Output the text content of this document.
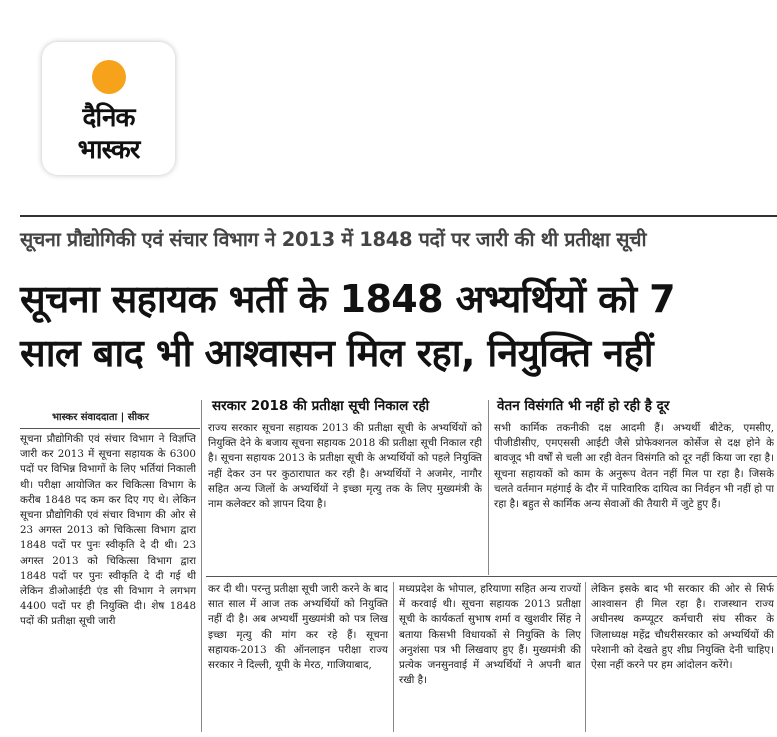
दैनिक
भास्कर
सूचना प्रौद्योगिकी एवं संचार विभाग ने 2013 में 1848 पदों पर जारी की थी प्रतीक्षा सूची
सूचना सहायक भर्ती के 1848 अभ्यर्थियों को 7
साल बाद भी आश्वासन मिल रहा, नियुक्ति नहीं
भास्कर संवाददाता | सीकर
सरकार 2018 की प्रतीक्षा सूची निकाल रही	वेतन विसंगति भी नहीं हो रही है दूर
सूचना प्रौद्योगिकी एवं संचार विभाग ने विज्ञप्ति जारी कर 2013 में सूचना सहायक के 6300 पदों पर विभिन्न विभागों के लिए भर्तियां निकाली थी। परीक्षा आयोजित कर चिकित्सा विभाग के करीब 1848 पद कम कर दिए गए थे। लेकिन सूचना प्रौद्योगिकी एवं संचार विभाग की ओर से 23 अगस्त 2013 को चिकित्सा विभाग द्वारा 1848 पदों पर पुनः स्वीकृति दे दी थी। 23 अगस्त 2013 को चिकित्सा विभाग द्वारा 1848 पदों पर पुनः स्वीकृति दे दी गई थी लेकिन डीओआईटी एंड सी विभाग ने लगभग 4400 पदों पर ही नियुक्ति दी। शेष 1848 पदों की प्रतीक्षा सूची जारी
राज्य सरकार सूचना सहायक 2013 की प्रतीक्षा सूची के अभ्यर्थियों को नियुक्ति देने के बजाय सूचना सहायक 2018 की प्रतीक्षा सूची निकाल रही है। सूचना सहायक 2013 के प्रतीक्षा सूची के अभ्यर्थियों को पहले नियुक्ति नहीं देकर उन पर कुठाराघात कर रही है। अभ्यर्थियों ने अजमेर, नागौर सहित अन्य जिलों के अभ्यर्थियों ने इच्छा मृत्यु तक के लिए मुख्यमंत्री के नाम कलेक्टर को ज्ञापन दिया है।
सभी कार्मिक तकनीकी दक्ष आदमी हैं। अभ्यर्थी बीटेक, एमसीए, पीजीडीसीए, एमएससी आईटी जैसे प्रोफेक्शनल कोर्सेज से दक्ष होने के बावजूद भी वर्षों से चली आ रही वेतन विसंगति को दूर नहीं किया जा रहा है। सूचना सहायकों को काम के अनुरूप वेतन नहीं मिल पा रहा है। जिसके चलते वर्तमान महंगाई के दौर में पारिवारिक दायित्व का निर्वहन भी नहीं हो पा रहा है। बहुत से कार्मिक अन्य सेवाओं की तैयारी में जुटे हुए हैं।
कर दी थी। परन्तु प्रतीक्षा सूची जारी करने के बाद सात साल में आज तक अभ्यर्थियों को नियुक्ति नहीं दी है। अब अभ्यर्थी मुख्यमंत्री को पत्र लिख इच्छा मृत्यु की मांग कर रहे हैं। सूचना सहायक-2013 की ऑनलाइन परीक्षा राज्य सरकार ने दिल्ली, यूपी के मेरठ, गाजियाबाद,
मध्यप्रदेश के भोपाल, हरियाणा सहित अन्य राज्यों में करवाई थी। सूचना सहायक 2013 प्रतीक्षा सूची के कार्यकर्ता सुभाष शर्मा व खुशवीर सिंह ने बताया किसभी विधायकों से नियुक्ति के लिए अनुशंसा पत्र भी लिखवाए हुए हैं। मुख्यमंत्री की प्रत्येक जनसुनवाई में अभ्यर्थियों ने अपनी बात रखी है।
लेकिन इसके बाद भी सरकार की ओर से सिर्फ आश्वासन ही मिल रहा है। राजस्थान राज्य अधीनस्थ कम्प्यूटर कर्मचारी संघ सीकर के जिलाध्यक्ष महेंद्र चौधरीसरकार को अभ्यर्थियों की परेशानी को देखते हुए शीघ्र नियुक्ति देनी चाहिए। ऐसा नहीं करने पर हम आंदोलन करेंगे।
